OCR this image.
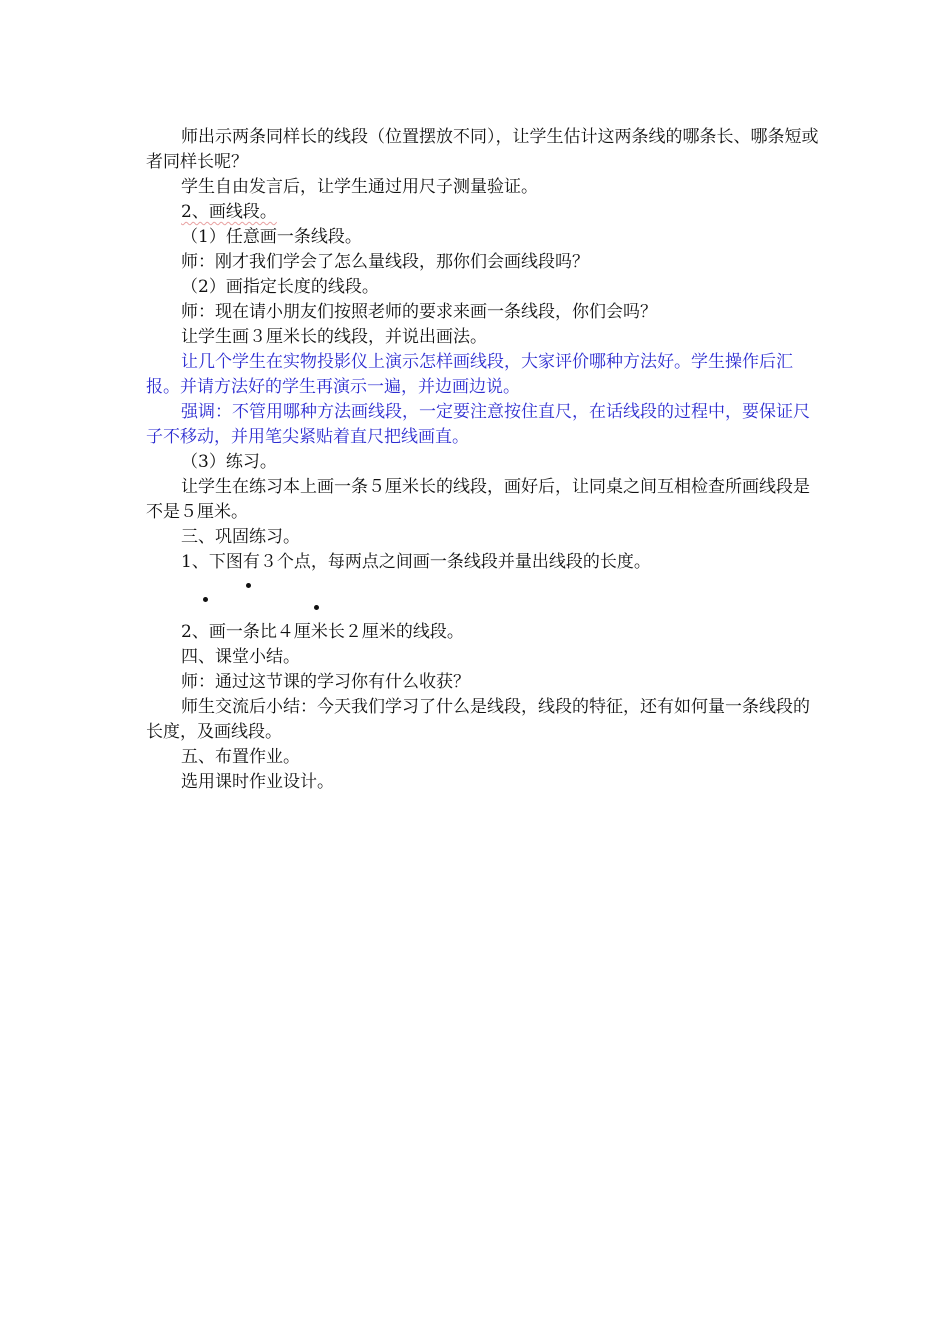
师出示两条同样长的线段（位置摆放不同），让学生估计这两条线的哪条长、哪条短或者同样长呢？

学生自由发言后，让学生通过用尺子测量验证。

2、画线段。

（1）任意画一条线段。

师：刚才我们学会了怎么量线段，那你们会画线段吗？

（2）画指定长度的线段。

师：现在请小朋友们按照老师的要求来画一条线段，你们会吗？

让学生画３厘米长的线段，并说出画法。

让几个学生在实物投影仪上演示怎样画线段，大家评价哪种方法好。学生操作后汇报。并请方法好的学生再演示一遍，并边画边说。

强调：不管用哪种方法画线段，一定要注意按住直尺，在话线段的过程中，要保证尺子不移动，并用笔尖紧贴着直尺把线画直。

（3）练习。

让学生在练习本上画一条５厘米长的线段，画好后，让同桌之间互相检查所画线段是不是５厘米。

三、巩固练习。

1、下图有３个点，每两点之间画一条线段并量出线段的长度。

2、画一条比４厘米长２厘米的线段。

四、课堂小结。

师：通过这节课的学习你有什么收获？

师生交流后小结：今天我们学习了什么是线段，线段的特征，还有如何量一条线段的长度，及画线段。

五、布置作业。

选用课时作业设计。
